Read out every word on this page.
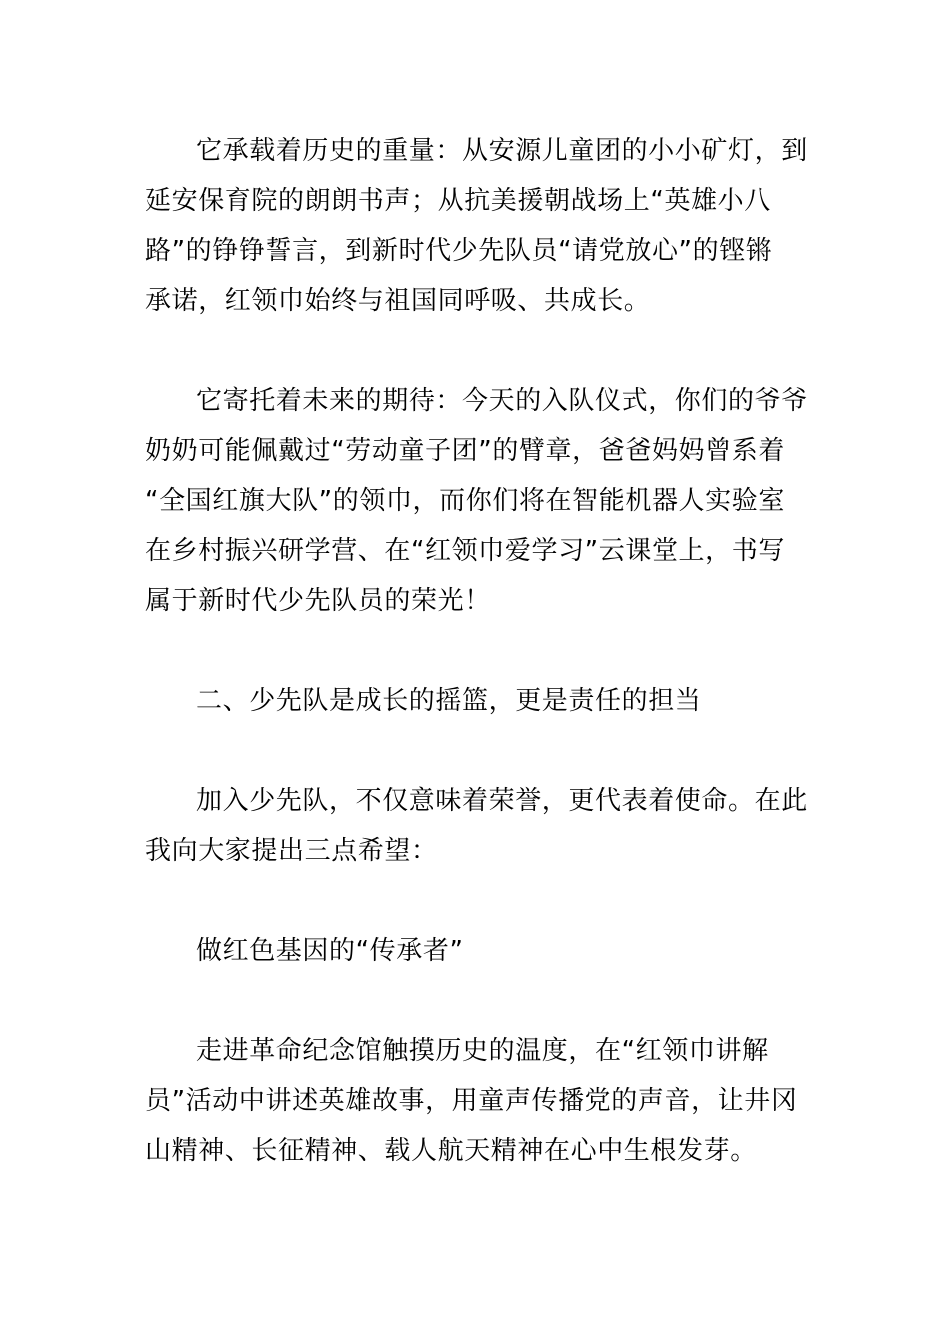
它承载着历史的重量：从安源儿童团的小小矿灯，到
延安保育院的朗朗书声；从抗美援朝战场上“英雄小八
路”的铮铮誓言，到新时代少先队员“请党放心”的铿锵
承诺，红领巾始终与祖国同呼吸、共成长。
它寄托着未来的期待：今天的入队仪式，你们的爷爷
奶奶可能佩戴过“劳动童子团”的臂章，爸爸妈妈曾系着
“全国红旗大队”的领巾，而你们将在智能机器人实验室
在乡村振兴研学营、在“红领巾爱学习”云课堂上，书写
属于新时代少先队员的荣光！
二、少先队是成长的摇篮，更是责任的担当
加入少先队，不仅意味着荣誉，更代表着使命。在此
我向大家提出三点希望：
做红色基因的“传承者”
走进革命纪念馆触摸历史的温度，在“红领巾讲解
员”活动中讲述英雄故事，用童声传播党的声音，让井冈
山精神、长征精神、载人航天精神在心中生根发芽。
